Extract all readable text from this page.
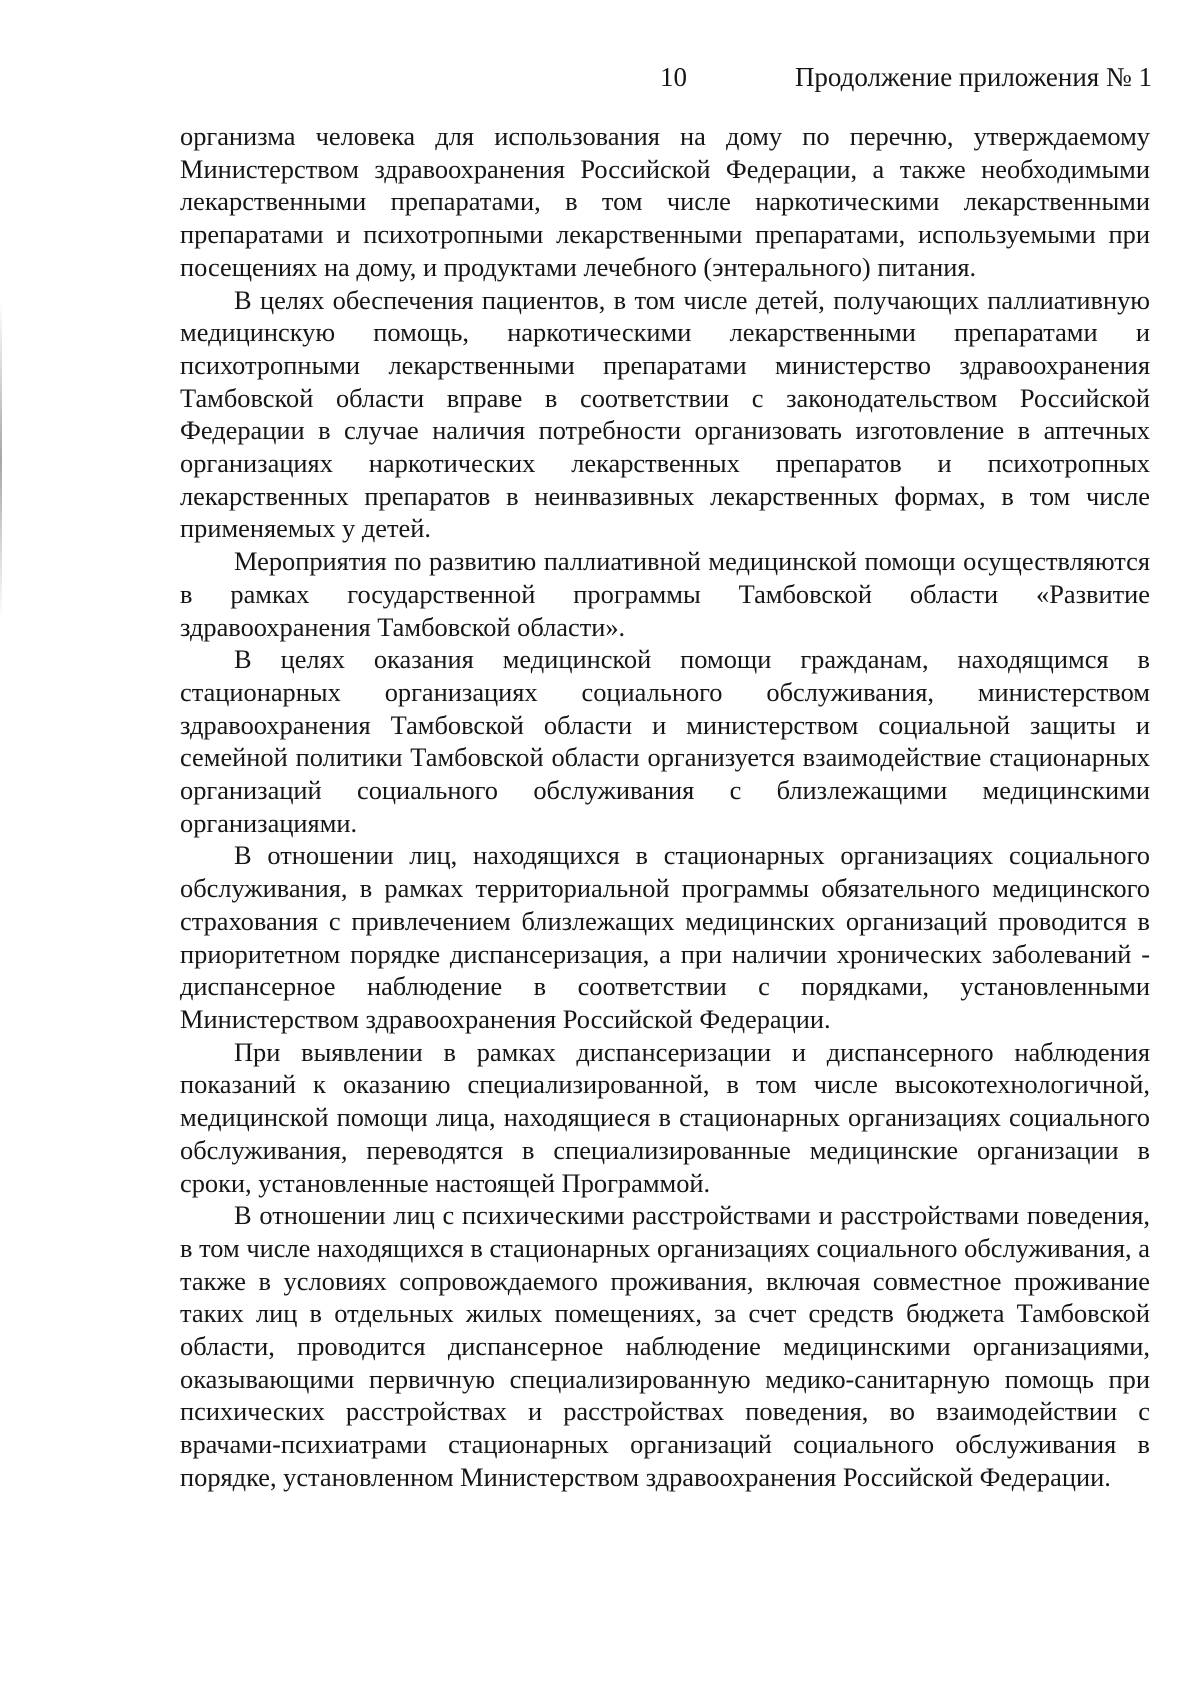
10	Продолжение приложения № 1

организма человека для использования на дому по перечню, утверждаемому Министерством здравоохранения Российской Федерации, а также необходимыми лекарственными препаратами, в том числе наркотическими лекарственными препаратами и психотропными лекарственными препаратами, используемыми при посещениях на дому, и продуктами лечебного (энтерального) питания.

В целях обеспечения пациентов, в том числе детей, получающих паллиативную медицинскую помощь, наркотическими лекарственными препаратами и психотропными лекарственными препаратами министерство здравоохранения Тамбовской области вправе в соответствии с законодательством Российской Федерации в случае наличия потребности организовать изготовление в аптечных организациях наркотических лекарственных препаратов и психотропных лекарственных препаратов в неинвазивных лекарственных формах, в том числе применяемых у детей.

Мероприятия по развитию паллиативной медицинской помощи осуществляются в рамках государственной программы Тамбовской области «Развитие здравоохранения Тамбовской области».

В целях оказания медицинской помощи гражданам, находящимся в стационарных организациях социального обслуживания, министерством здравоохранения Тамбовской области и министерством социальной защиты и семейной политики Тамбовской области организуется взаимодействие стационарных организаций социального обслуживания с близлежащими медицинскими организациями.

В отношении лиц, находящихся в стационарных организациях социального обслуживания, в рамках территориальной программы обязательного медицинского страхования с привлечением близлежащих медицинских организаций проводится в приоритетном порядке диспансеризация, а при наличии хронических заболеваний - диспансерное наблюдение в соответствии с порядками, установленными Министерством здравоохранения Российской Федерации.

При выявлении в рамках диспансеризации и диспансерного наблюдения показаний к оказанию специализированной, в том числе высокотехнологичной, медицинской помощи лица, находящиеся в стационарных организациях социального обслуживания, переводятся в специализированные медицинские организации в сроки, установленные настоящей Программой.

В отношении лиц с психическими расстройствами и расстройствами поведения, в том числе находящихся в стационарных организациях социального обслуживания, а также в условиях сопровождаемого проживания, включая совместное проживание таких лиц в отдельных жилых помещениях, за счет средств бюджета Тамбовской области, проводится диспансерное наблюдение медицинскими организациями, оказывающими первичную специализированную медико-санитарную помощь при психических расстройствах и расстройствах поведения, во взаимодействии с врачами-психиатрами стационарных организаций социального обслуживания в порядке, установленном Министерством здравоохранения Российской Федерации.
